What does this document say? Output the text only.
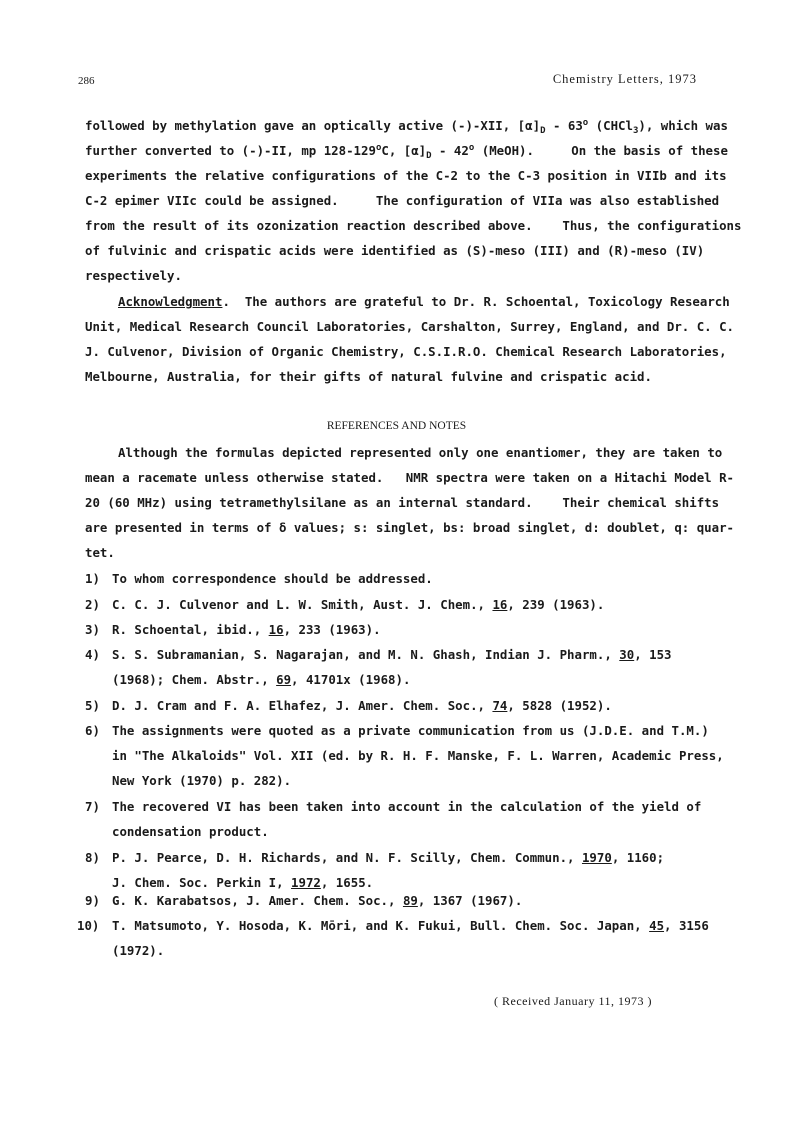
286	Chemistry Letters, 1973
followed by methylation gave an optically active (-)-XII, $[\alpha]_D - 63^o$ (CHCl$_3$), which was
further converted to (-)-II, mp 128-129$^o$C, $[\alpha]_D - 42^o$ (MeOH).     On the basis of these
experiments the relative configurations of the C-2 to the C-3 position in VIIb and its
C-2 epimer VIIc could be assigned.     The configuration of VIIa was also established
from the result of its ozonization reaction described above.    Thus, the configurations
of fulvinic and crispatic acids were identified as (S)-meso (III) and (R)-meso (IV)
respectively.
Acknowledgment.  The authors are grateful to Dr. R. Schoental, Toxicology Research
Unit, Medical Research Council Laboratories, Carshalton, Surrey, England, and Dr. C. C.
J. Culvenor, Division of Organic Chemistry, C.S.I.R.O. Chemical Research Laboratories,
Melbourne, Australia, for their gifts of natural fulvine and crispatic acid.
REFERENCES AND NOTES
Although the formulas depicted represented only one enantiomer, they are taken to
mean a racemate unless otherwise stated.   NMR spectra were taken on a Hitachi Model R-
20 (60 MHz) using tetramethylsilane as an internal standard.    Their chemical shifts
are presented in terms of δ values; s: singlet, bs: broad singlet, d: doublet, q: quar-
tet.
1) To whom correspondence should be addressed.
2) C. C. J. Culvenor and L. W. Smith, Aust. J. Chem., 16, 239 (1963).
3) R. Schoental, ibid., 16, 233 (1963).
4) S. S. Subramanian, S. Nagarajan, and M. N. Ghash, Indian J. Pharm., 30, 153
(1968); Chem. Abstr., 69, 41701x (1968).
5) D. J. Cram and F. A. Elhafez, J. Amer. Chem. Soc., 74, 5828 (1952).
6) The assignments were quoted as a private communication from us (J.D.E. and T.M.)
in "The Alkaloids" Vol. XII (ed. by R. H. F. Manske, F. L. Warren, Academic Press,
New York (1970) p. 282).
7) The recovered VI has been taken into account in the calculation of the yield of
condensation product.
8) P. J. Pearce, D. H. Richards, and N. F. Scilly, Chem. Commun., 1970, 1160;
J. Chem. Soc. Perkin I, 1972, 1655.
9) G. K. Karabatsos, J. Amer. Chem. Soc., 89, 1367 (1967).
10) T. Matsumoto, Y. Hosoda, K. Mōri, and K. Fukui, Bull. Chem. Soc. Japan, 45, 3156
(1972).
( Received January 11, 1973 )
